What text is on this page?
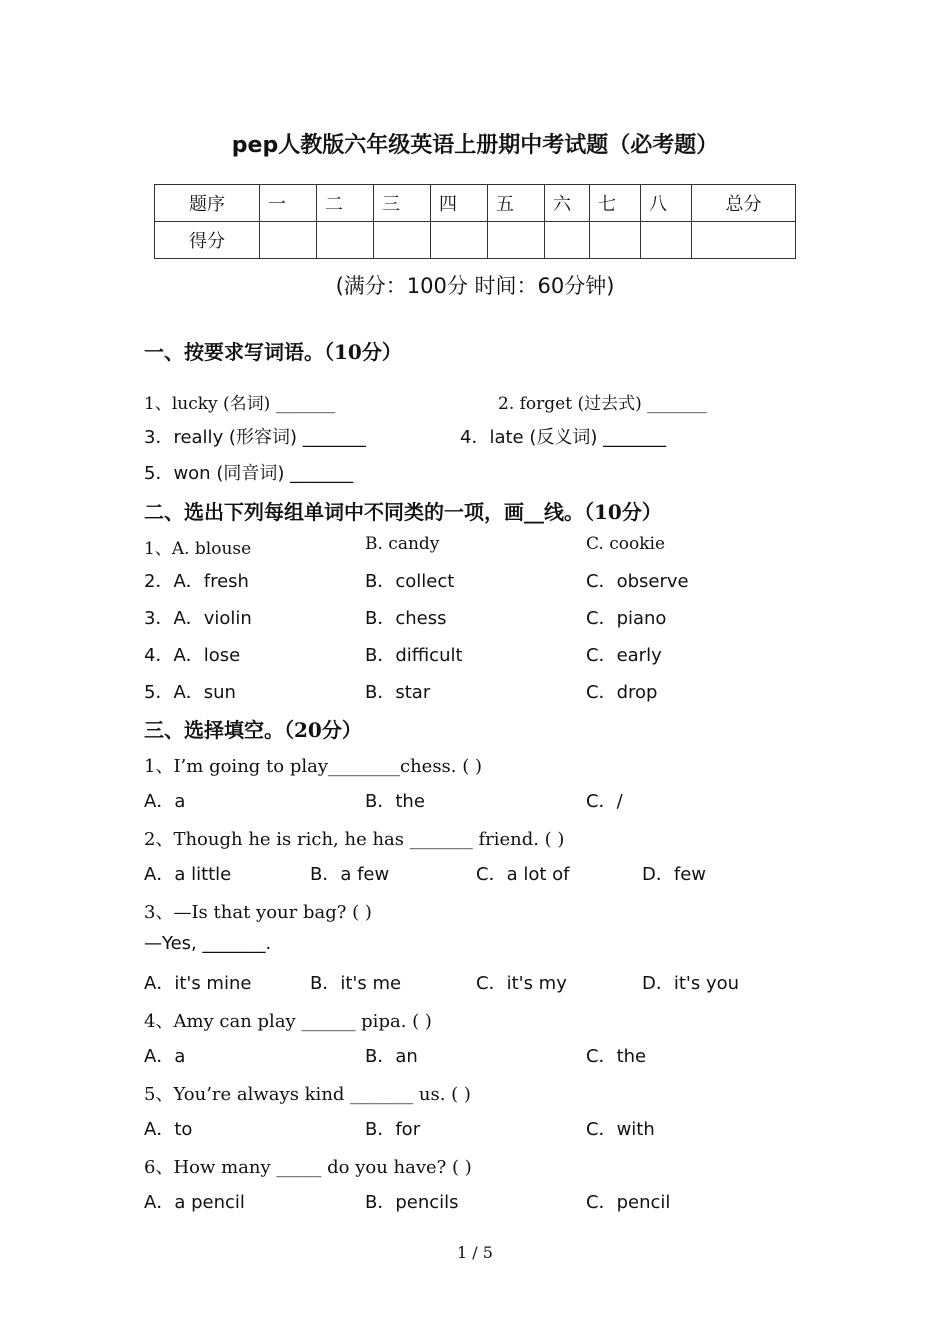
pep人教版六年级英语上册期中考试题（必考题）
题序	一	二	三	四	五	六	七	八	总分
得分									
(满分：100分 时间：60分钟)
一、按要求写词语。（10分）
1、lucky (名词) _______	2. forget (过去式) _______
3．really (形容词) _______	4．late (反义词) _______
5．won (同音词) _______
二、选出下列每组单词中不同类的一项，画__线。（10分）
1、A. blouse	B. candy	C. cookie
2．A．fresh	B．collect	C．observe
3．A．violin	B．chess	C．piano
4．A．lose	B．difficult	C．early
5．A．sun	B．star	C．drop
三、选择填空。（20分）
1、I’m going to play________chess. ( )
A．a	B．the	C．/
2、Though he is rich, he has _______ friend. ( )
A．a little	B．a few	C．a lot of	D．few
3、—Is that your bag? ( )
—Yes, _______.
A．it's mine	B．it's me	C．it's my	D．it's you
4、Amy can play ______ pipa. ( )
A．a	B．an	C．the
5、You’re always kind _______ us. ( )
A．to	B．for	C．with
6、How many _____ do you have? ( )
A．a pencil	B．pencils	C．pencil
1 / 5
